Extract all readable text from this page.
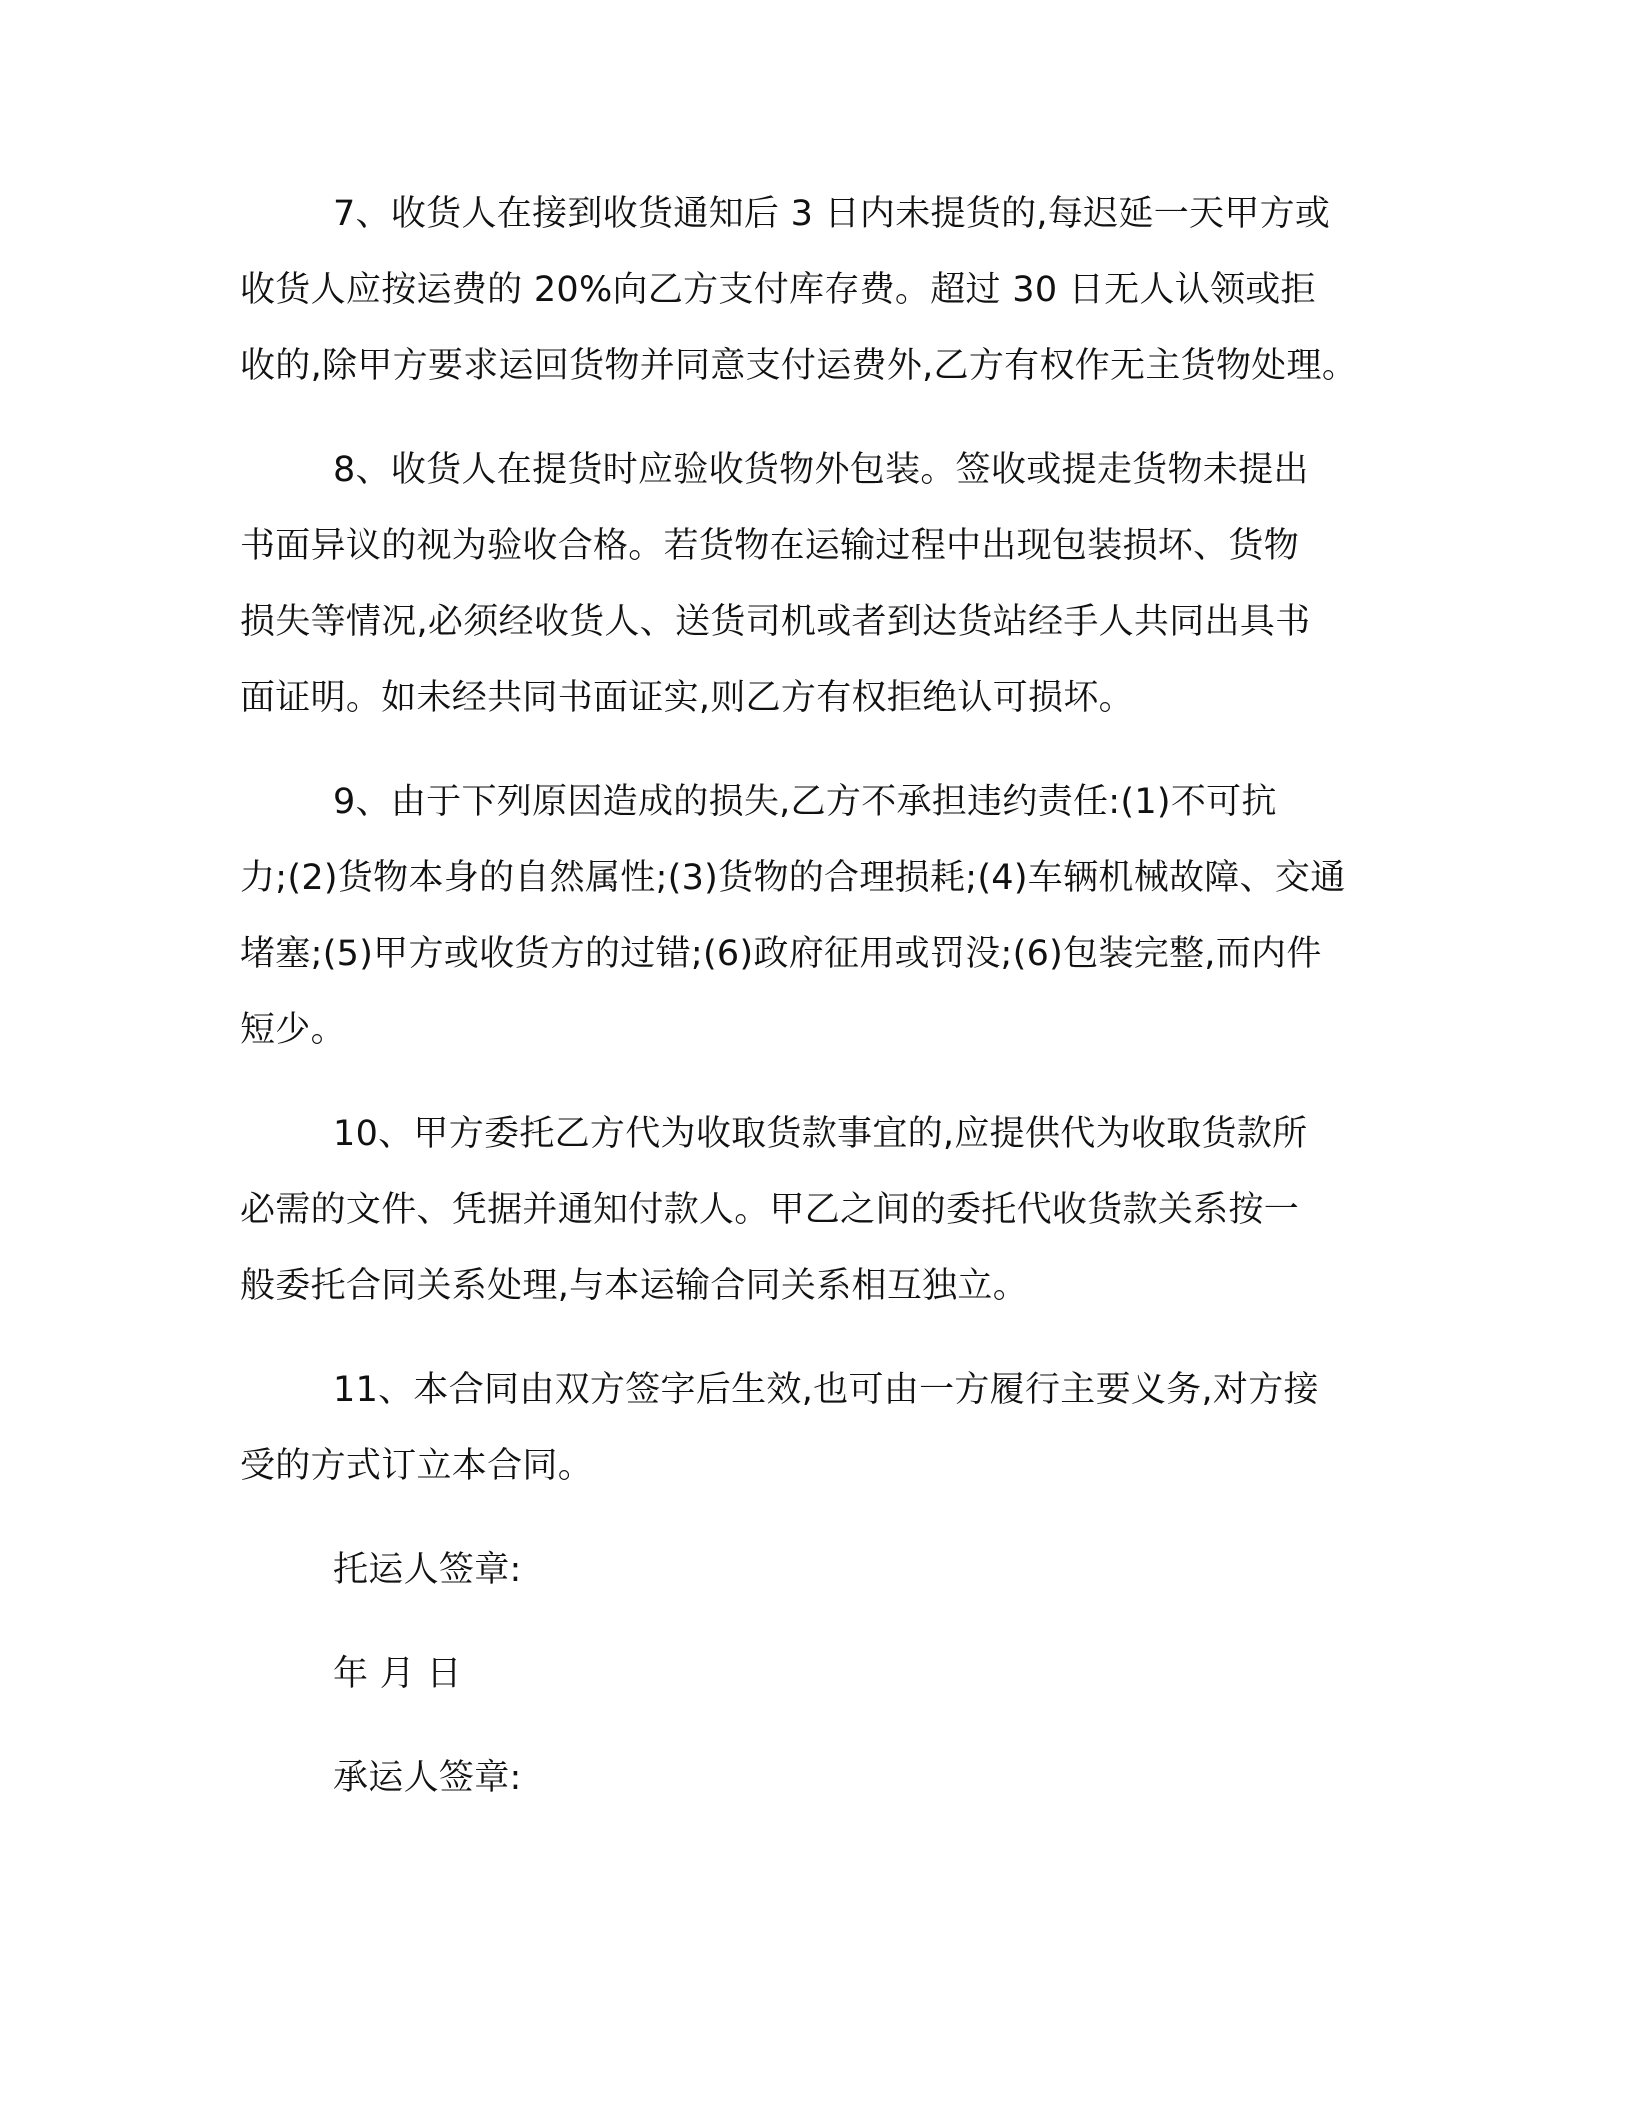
7、收货人在接到收货通知后 3 日内未提货的,每迟延一天甲方或
收货人应按运费的 20%向乙方支付库存费。超过 30 日无人认领或拒
收的,除甲方要求运回货物并同意支付运费外,乙方有权作无主货物处理。
8、收货人在提货时应验收货物外包装。签收或提走货物未提出
书面异议的视为验收合格。若货物在运输过程中出现包装损坏、货物
损失等情况,必须经收货人、送货司机或者到达货站经手人共同出具书
面证明。如未经共同书面证实,则乙方有权拒绝认可损坏。
9、由于下列原因造成的损失,乙方不承担违约责任:(1)不可抗
力;(2)货物本身的自然属性;(3)货物的合理损耗;(4)车辆机械故障、交通
堵塞;(5)甲方或收货方的过错;(6)政府征用或罚没;(6)包装完整,而内件
短少。
10、甲方委托乙方代为收取货款事宜的,应提供代为收取货款所
必需的文件、凭据并通知付款人。甲乙之间的委托代收货款关系按一
般委托合同关系处理,与本运输合同关系相互独立。
11、本合同由双方签字后生效,也可由一方履行主要义务,对方接
受的方式订立本合同。
托运人签章:
年 月 日
承运人签章:
